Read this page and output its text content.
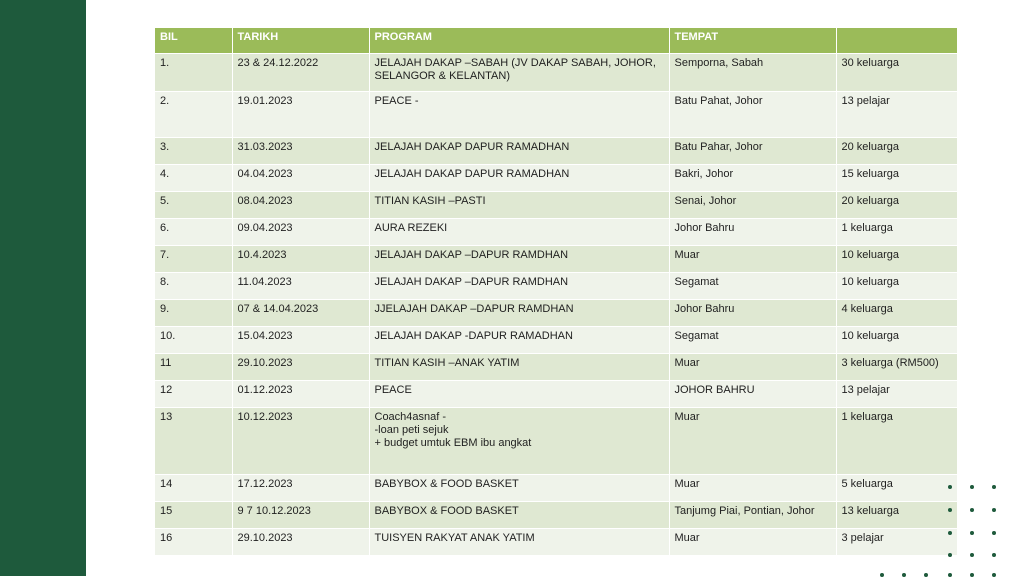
BIL	TARIKH	PROGRAM	TEMPAT	
1.	23 & 24.12.2022	JELAJAH DAKAP –SABAH (JV DAKAP SABAH, JOHOR,
SELANGOR & KELANTAN)	Semporna, Sabah	30 keluarga
2.	19.01.2023	PEACE -	Batu Pahat, Johor	13 pelajar
3.	31.03.2023	JELAJAH DAKAP DAPUR RAMADHAN	Batu Pahar, Johor	20 keluarga
4.	04.04.2023	JELAJAH DAKAP DAPUR RAMADHAN	Bakri, Johor	15 keluarga
5.	08.04.2023	TITIAN KASIH –PASTI	Senai, Johor	20 keluarga
6.	09.04.2023	AURA REZEKI	Johor Bahru	1 keluarga
7.	10.4.2023	JELAJAH DAKAP –DAPUR RAMDHAN	Muar	10 keluarga
8.	11.04.2023	JELAJAH DAKAP –DAPUR RAMDHAN	Segamat	10 keluarga
9.	07 & 14.04.2023	JJELAJAH DAKAP –DAPUR RAMDHAN	Johor Bahru	4 keluarga
10.	15.04.2023	JELAJAH DAKAP -DAPUR RAMADHAN	Segamat	10 keluarga
11	29.10.2023	TITIAN KASIH –ANAK YATIM	Muar	3 keluarga (RM500)
12	01.12.2023	PEACE	JOHOR BAHRU	13 pelajar
13	10.12.2023	Coach4asnaf -
-loan peti sejuk
+ budget umtuk EBM ibu angkat	Muar	1 keluarga
14	17.12.2023	BABYBOX & FOOD BASKET	Muar	5 keluarga
15	9 7 10.12.2023	BABYBOX & FOOD BASKET	Tanjumg Piai, Pontian, Johor	13 keluarga
16	29.10.2023	TUISYEN RAKYAT ANAK YATIM	Muar	3 pelajar
